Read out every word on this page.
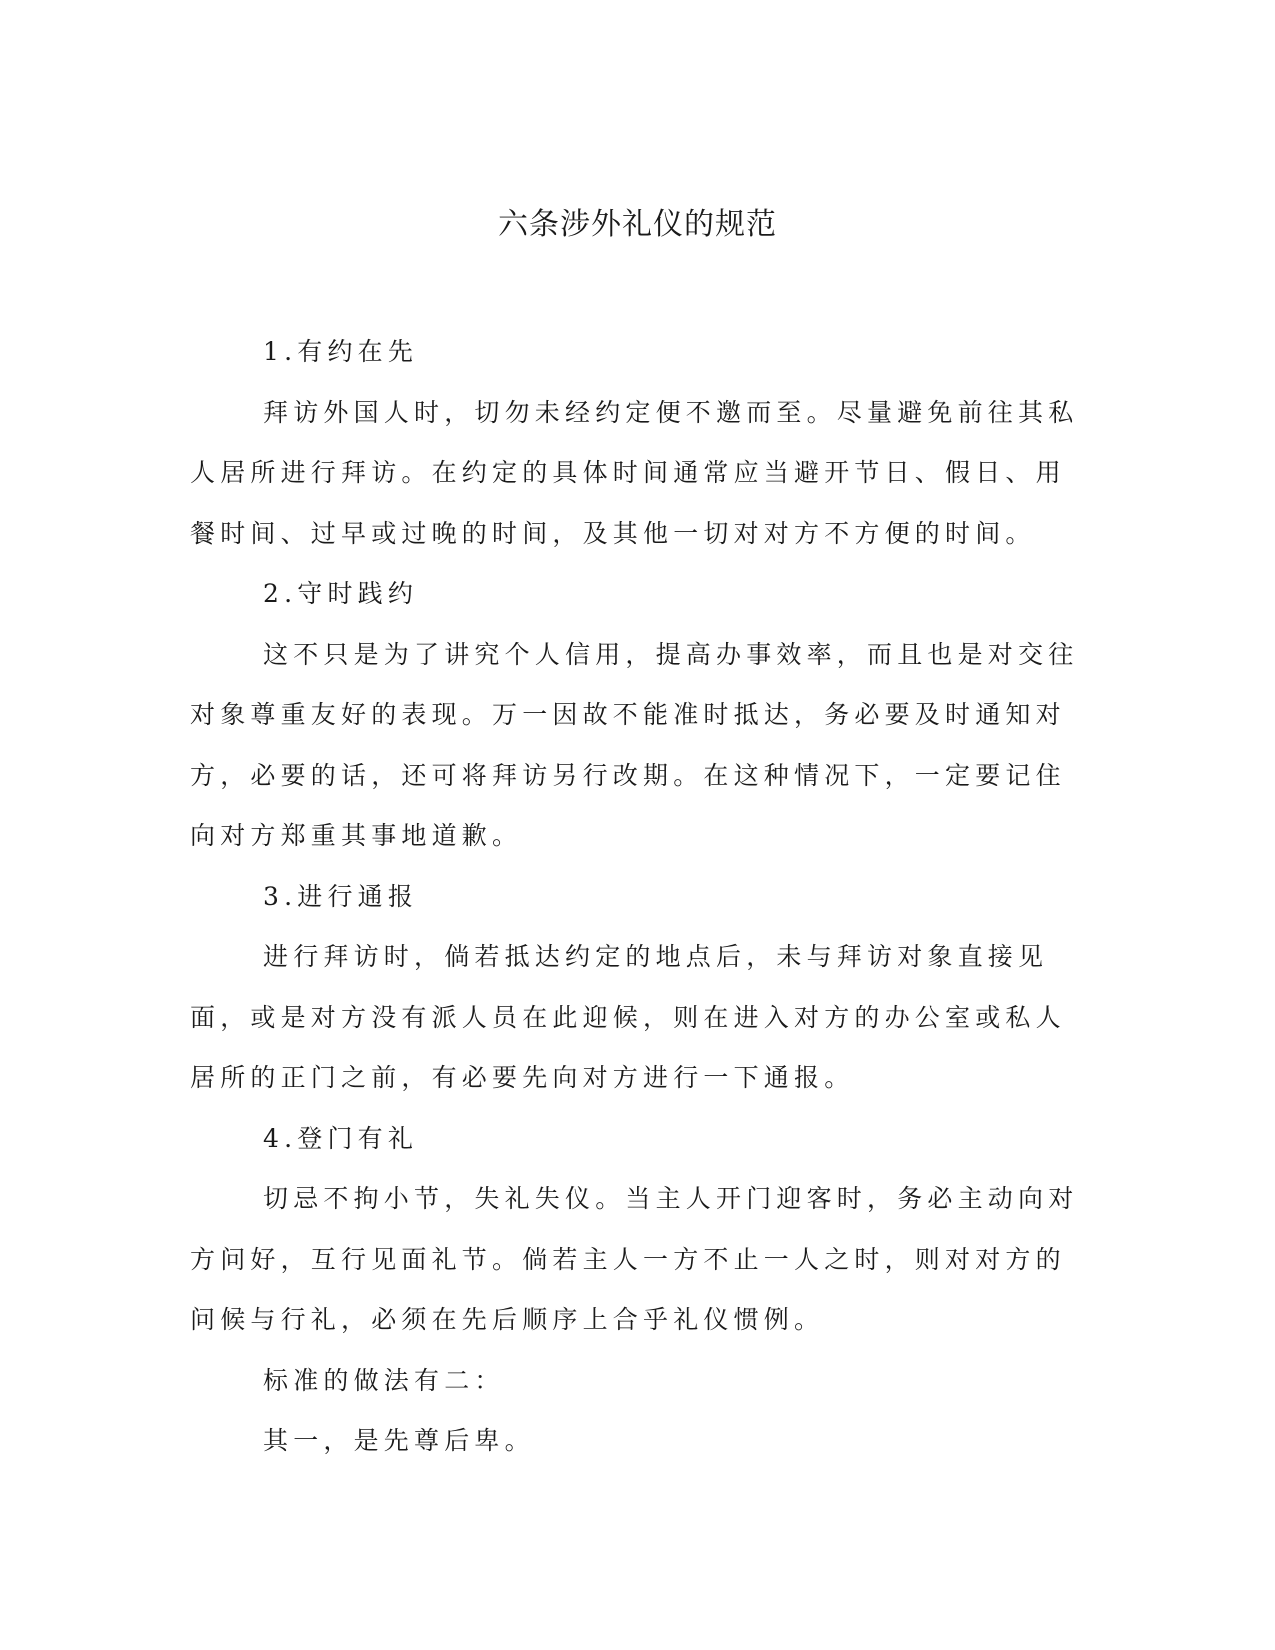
六条涉外礼仪的规范

1.有约在先

拜访外国人时，切勿未经约定便不邀而至。尽量避免前往其私人居所进行拜访。在约定的具体时间通常应当避开节日、假日、用餐时间、过早或过晚的时间，及其他一切对对方不方便的时间。

2.守时践约

这不只是为了讲究个人信用，提高办事效率，而且也是对交往对象尊重友好的表现。万一因故不能准时抵达，务必要及时通知对方，必要的话，还可将拜访另行改期。在这种情况下，一定要记住向对方郑重其事地道歉。

3.进行通报

进行拜访时，倘若抵达约定的地点后，未与拜访对象直接见面，或是对方没有派人员在此迎候，则在进入对方的办公室或私人居所的正门之前，有必要先向对方进行一下通报。

4.登门有礼

切忌不拘小节，失礼失仪。当主人开门迎客时，务必主动向对方问好，互行见面礼节。倘若主人一方不止一人之时，则对对方的问候与行礼，必须在先后顺序上合乎礼仪惯例。

标准的做法有二：

其一，是先尊后卑。
